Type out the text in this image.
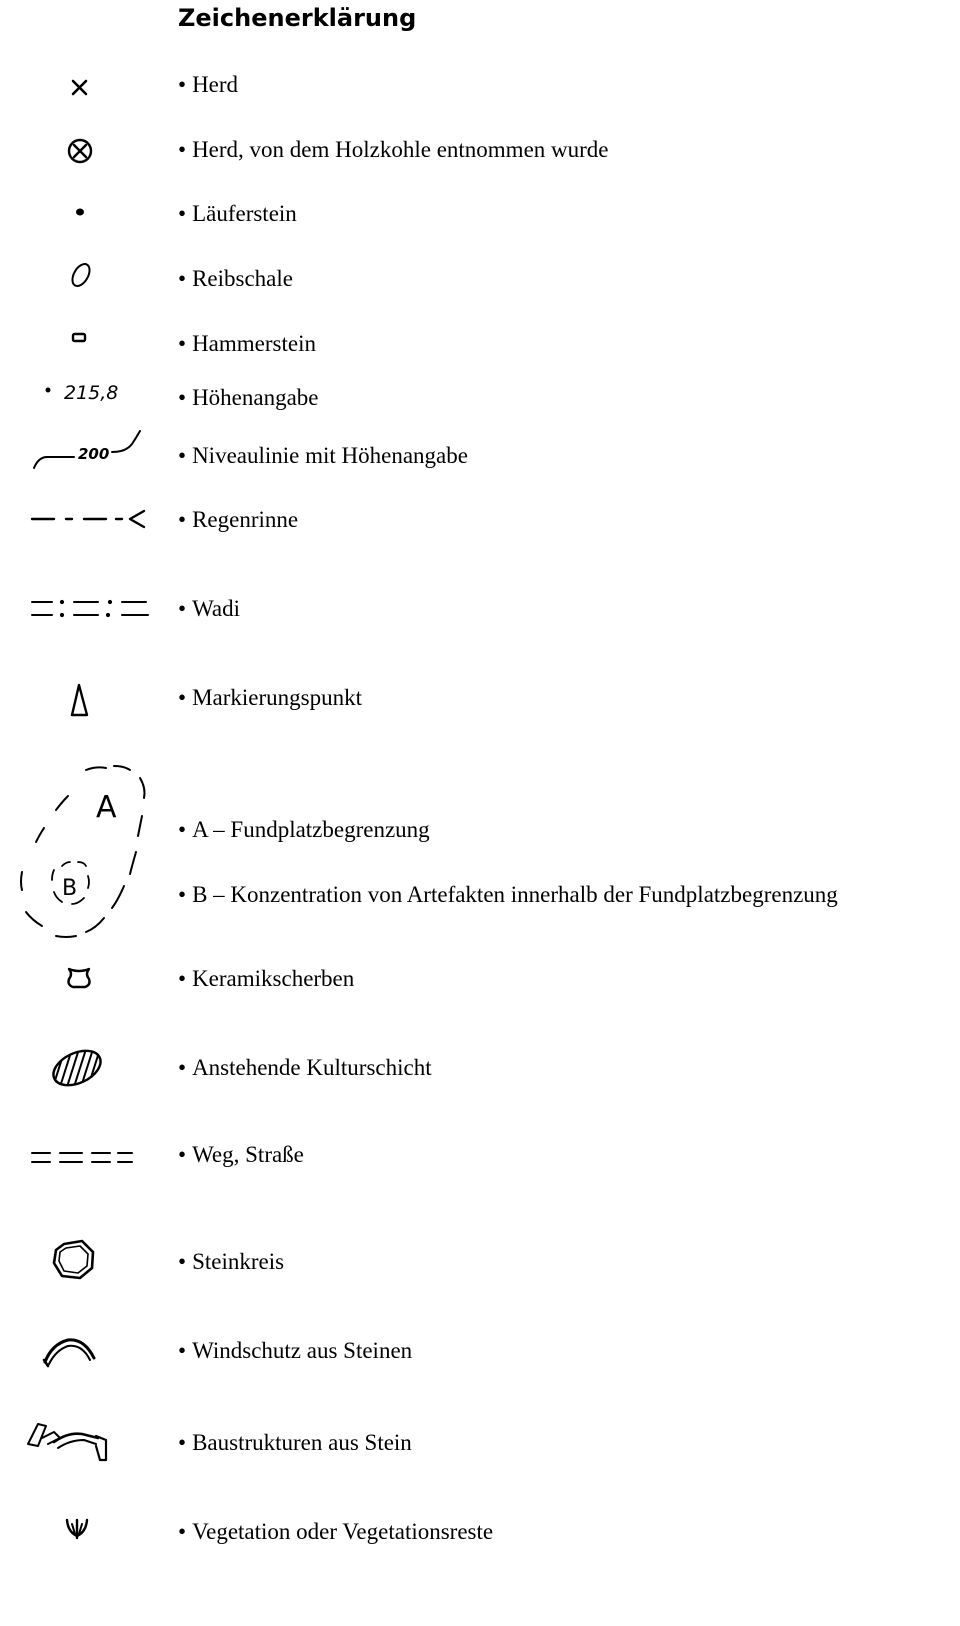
Zeichenerklärung
• Herd
• Herd, von dem Holzkohle entnommen wurde
• Läuferstein
• Reibschale
• Hammerstein
• Höhenangabe
• Niveaulinie mit Höhenangabe
• Regenrinne
• Wadi
• Markierungspunkt
• A – Fundplatzbegrenzung
• B – Konzentration von Artefakten innerhalb der Fundplatzbegrenzung
• Keramikscherben
• Anstehende Kulturschicht
• Weg, Straße
• Steinkreis
• Windschutz aus Steinen
• Baustrukturen aus Stein
• Vegetation oder Vegetationsreste
215,8
200
A
B
